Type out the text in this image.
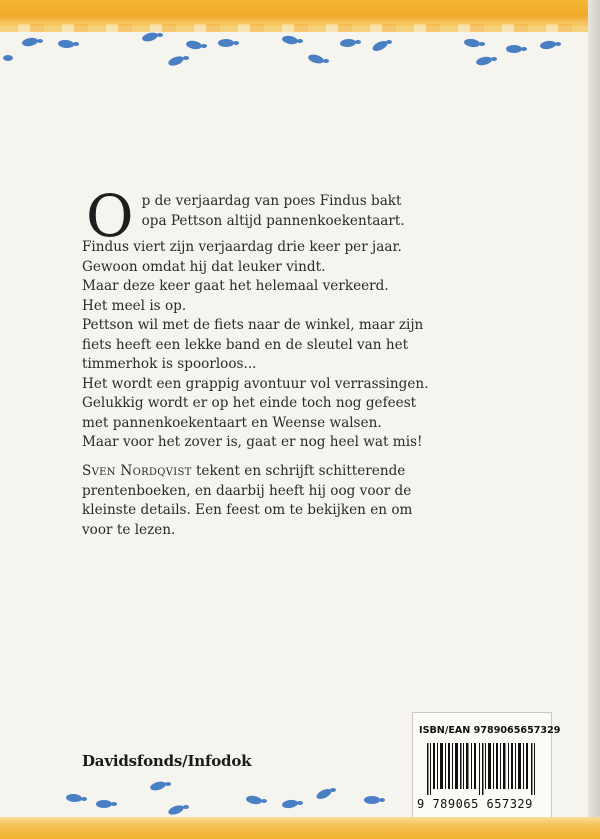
O p de verjaardag van poes Findus bakt
opa Pettson altijd pannenkoekentaart.
Findus viert zijn verjaardag drie keer per jaar.
Gewoon omdat hij dat leuker vindt.
Maar deze keer gaat het helemaal verkeerd.
Het meel is op.
Pettson wil met de fiets naar de winkel, maar zijn
fiets heeft een lekke band en de sleutel van het
timmerhok is spoorloos...
Het wordt een grappig avontuur vol verrassingen.
Gelukkig wordt er op het einde toch nog gefeest
met pannenkoekentaart en Weense walsen.
Maar voor het zover is, gaat er nog heel wat mis!
Sven Nordqvist tekent en schrijft schitterende
prentenboeken, en daarbij heeft hij oog voor de
kleinste details. Een feest om te bekijken en om
voor te lezen.
Davidsfonds/Infodok
ISBN/EAN 9789065657329
9 789065 657329
